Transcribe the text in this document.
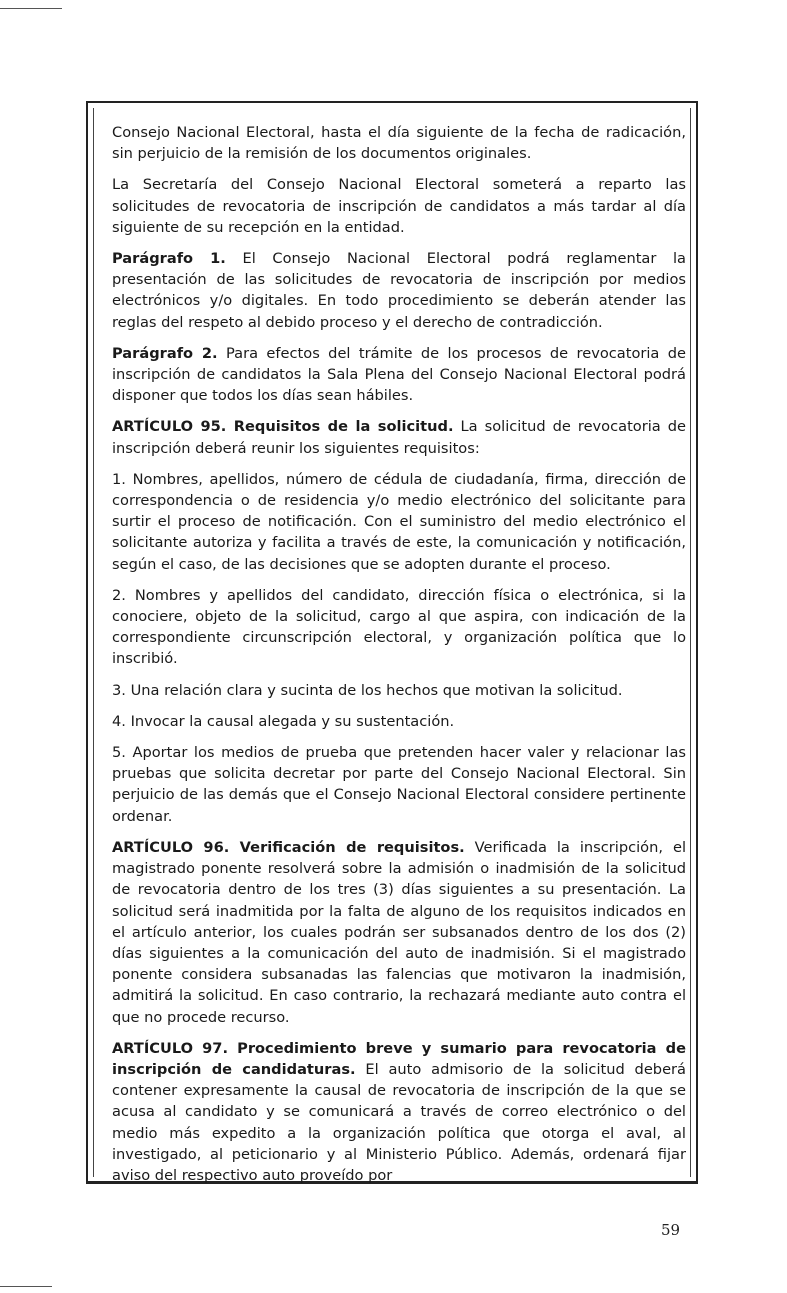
Consejo Nacional Electoral, hasta el día siguiente de la fecha de radicación, sin perjuicio de la remisión de los documentos originales.

La Secretaría del Consejo Nacional Electoral someterá a reparto las solicitudes de revocatoria de inscripción de candidatos a más tardar al día siguiente de su recepción en la entidad.

Parágrafo 1. El Consejo Nacional Electoral podrá reglamentar la presentación de las solicitudes de revocatoria de inscripción por medios electrónicos y/o digitales. En todo procedimiento se deberán atender las reglas del respeto al debido proceso y el derecho de contradicción.

Parágrafo 2. Para efectos del trámite de los procesos de revocatoria de inscripción de candidatos la Sala Plena del Consejo Nacional Electoral podrá disponer que todos los días sean hábiles.

ARTÍCULO 95. Requisitos de la solicitud. La solicitud de revocatoria de inscripción deberá reunir los siguientes requisitos:

1. Nombres, apellidos, número de cédula de ciudadanía, firma, dirección de correspondencia o de residencia y/o medio electrónico del solicitante para surtir el proceso de notificación. Con el suministro del medio electrónico el solicitante autoriza y facilita a través de este, la comunicación y notificación, según el caso, de las decisiones que se adopten durante el proceso.

2. Nombres y apellidos del candidato, dirección física o electrónica, si la conociere, objeto de la solicitud, cargo al que aspira, con indicación de la correspondiente circunscripción electoral, y organización política que lo inscribió.

3. Una relación clara y sucinta de los hechos que motivan la solicitud.

4. Invocar la causal alegada y su sustentación.

5. Aportar los medios de prueba que pretenden hacer valer y relacionar las pruebas que solicita decretar por parte del Consejo Nacional Electoral. Sin perjuicio de las demás que el Consejo Nacional Electoral considere pertinente ordenar.

ARTÍCULO 96. Verificación de requisitos. Verificada la inscripción, el magistrado ponente resolverá sobre la admisión o inadmisión de la solicitud de revocatoria dentro de los tres (3) días siguientes a su presentación. La solicitud será inadmitida por la falta de alguno de los requisitos indicados en el artículo anterior, los cuales podrán ser subsanados dentro de los dos (2) días siguientes a la comunicación del auto de inadmisión. Si el magistrado ponente considera subsanadas las falencias que motivaron la inadmisión, admitirá la solicitud. En caso contrario, la rechazará mediante auto contra el que no procede recurso.

ARTÍCULO 97. Procedimiento breve y sumario para revocatoria de inscripción de candidaturas. El auto admisorio de la solicitud deberá contener expresamente la causal de revocatoria de inscripción de la que se acusa al candidato y se comunicará a través de correo electrónico o del medio más expedito a la organización política que otorga el aval, al investigado, al peticionario y al Ministerio Público. Además, ordenará fijar aviso del respectivo auto proveído por

59
